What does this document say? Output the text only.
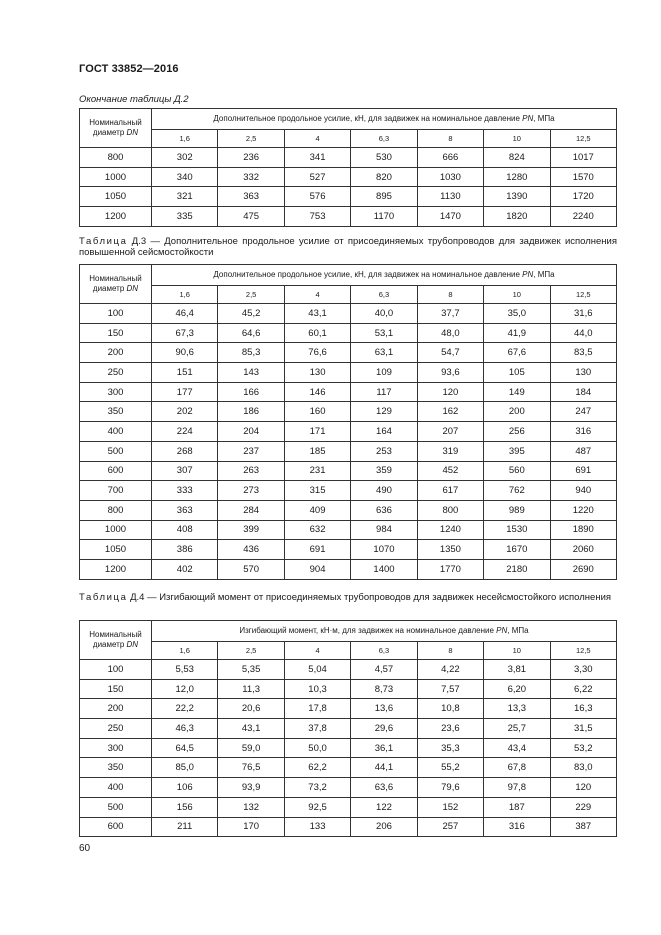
ГОСТ 33852—2016
Окончание таблицы Д.2
Номинальный
диаметр DN	Дополнительное продольное усилие, кН, для задвижек на номинальное давление PN, МПа						
	1,6	2,5	4	6,3	8	10	12,5
800	302	236	341	530	666	824	1017
1000	340	332	527	820	1030	1280	1570
1050	321	363	576	895	1130	1390	1720
1200	335	475	753	1170	1470	1820	2240
Таблица Д.3 — Дополнительное продольное усилие от присоединяемых трубопроводов для задвижек исполнения повышенной сейсмостойкости
Номинальный
диаметр DN	Дополнительное продольное усилие, кН, для задвижек на номинальное давление PN, МПа						
	1,6	2,5	4	6,3	8	10	12,5
100	46,4	45,2	43,1	40,0	37,7	35,0	31,6
150	67,3	64,6	60,1	53,1	48,0	41,9	44,0
200	90,6	85,3	76,6	63,1	54,7	67,6	83,5
250	151	143	130	109	93,6	105	130
300	177	166	146	117	120	149	184
350	202	186	160	129	162	200	247
400	224	204	171	164	207	256	316
500	268	237	185	253	319	395	487
600	307	263	231	359	452	560	691
700	333	273	315	490	617	762	940
800	363	284	409	636	800	989	1220
1000	408	399	632	984	1240	1530	1890
1050	386	436	691	1070	1350	1670	2060
1200	402	570	904	1400	1770	2180	2690
Таблица Д.4 — Изгибающий момент от присоединяемых трубопроводов для задвижек несейсмостойкого исполнения
Номинальный
диаметр DN	Изгибающий момент, кН·м, для задвижек на номинальное давление PN, МПа						
	1,6	2,5	4	6,3	8	10	12,5
100	5,53	5,35	5,04	4,57	4,22	3,81	3,30
150	12,0	11,3	10,3	8,73	7,57	6,20	6,22
200	22,2	20,6	17,8	13,6	10,8	13,3	16,3
250	46,3	43,1	37,8	29,6	23,6	25,7	31,5
300	64,5	59,0	50,0	36,1	35,3	43,4	53,2
350	85,0	76,5	62,2	44,1	55,2	67,8	83,0
400	106	93,9	73,2	63,6	79,6	97,8	120
500	156	132	92,5	122	152	187	229
600	211	170	133	206	257	316	387
60
